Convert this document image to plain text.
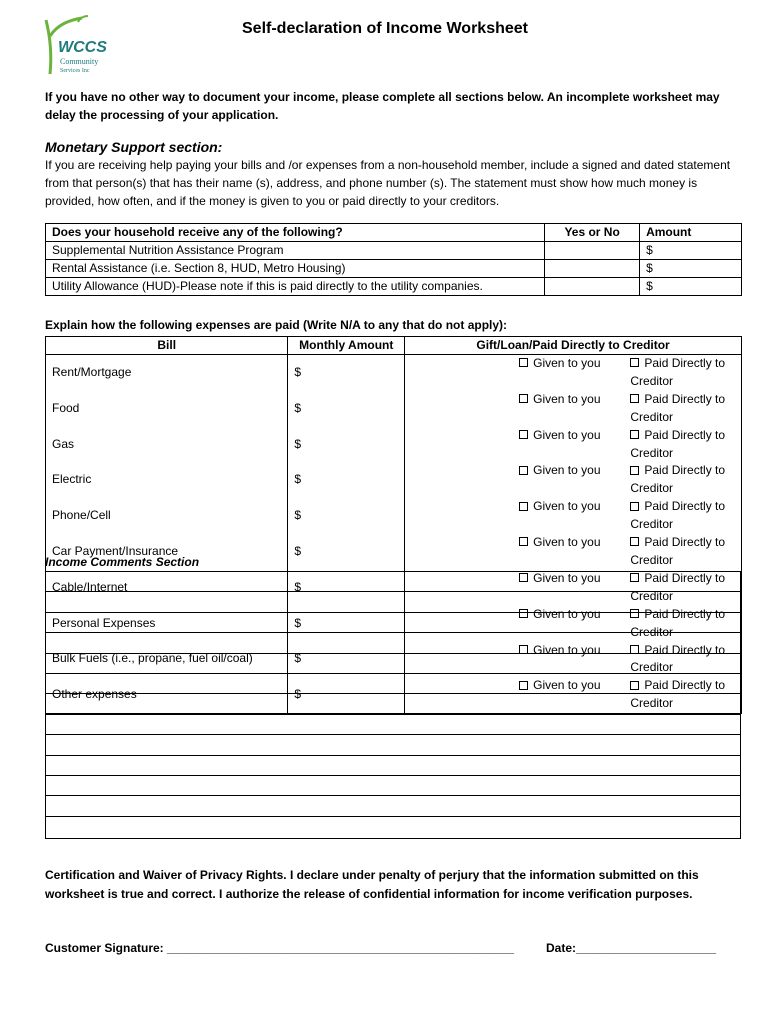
WCCS
Community
Services Inc
Self-declaration of Income Worksheet
If you have no other way to document your income, please complete all sections below. An incomplete worksheet may delay the processing of your application.
Monetary Support section:
If you are receiving help paying your bills and /or expenses from a non-household member, include a signed and dated statement from that person(s) that has their name (s), address, and phone number (s). The statement must show how much money is provided, how often, and if the money is given to you or paid directly to your creditors.
Does your household receive any of the following?	Yes or No	Amount
Supplemental Nutrition Assistance Program		$
Rental Assistance (i.e. Section 8, HUD, Metro Housing)		$
Utility Allowance (HUD)-Please note if this is paid directly to the utility companies.		$
Explain how the following expenses are paid (Write N/A to any that do not apply):
Bill	Monthly Amount	Gift/Loan/Paid Directly to Creditor
Rent/Mortgage	$	Given to you Paid Directly to Creditor

Food	$	Given to you Paid Directly to Creditor

Gas	$	Given to you Paid Directly to Creditor

Electric	$	Given to you Paid Directly to Creditor

Phone/Cell	$	Given to you Paid Directly to Creditor

Car Payment/Insurance	$	Given to you Paid Directly to Creditor

Cable/Internet	$	Given to you Paid Directly to Creditor

Personal Expenses	$	Given to you Paid Directly to Creditor

Bulk Fuels (i.e., propane, fuel oil/coal)	$	Given to you Paid Directly to Creditor

Other expenses	$	Given to you Paid Directly to Creditor
Income Comments Section
Certification and Waiver of Privacy Rights. I declare under penalty of perjury that the information submitted on this worksheet is true and correct. I authorize the release of confidential information for income verification purposes.
Customer Signature: ____________________________________________________	Date:_____________________
